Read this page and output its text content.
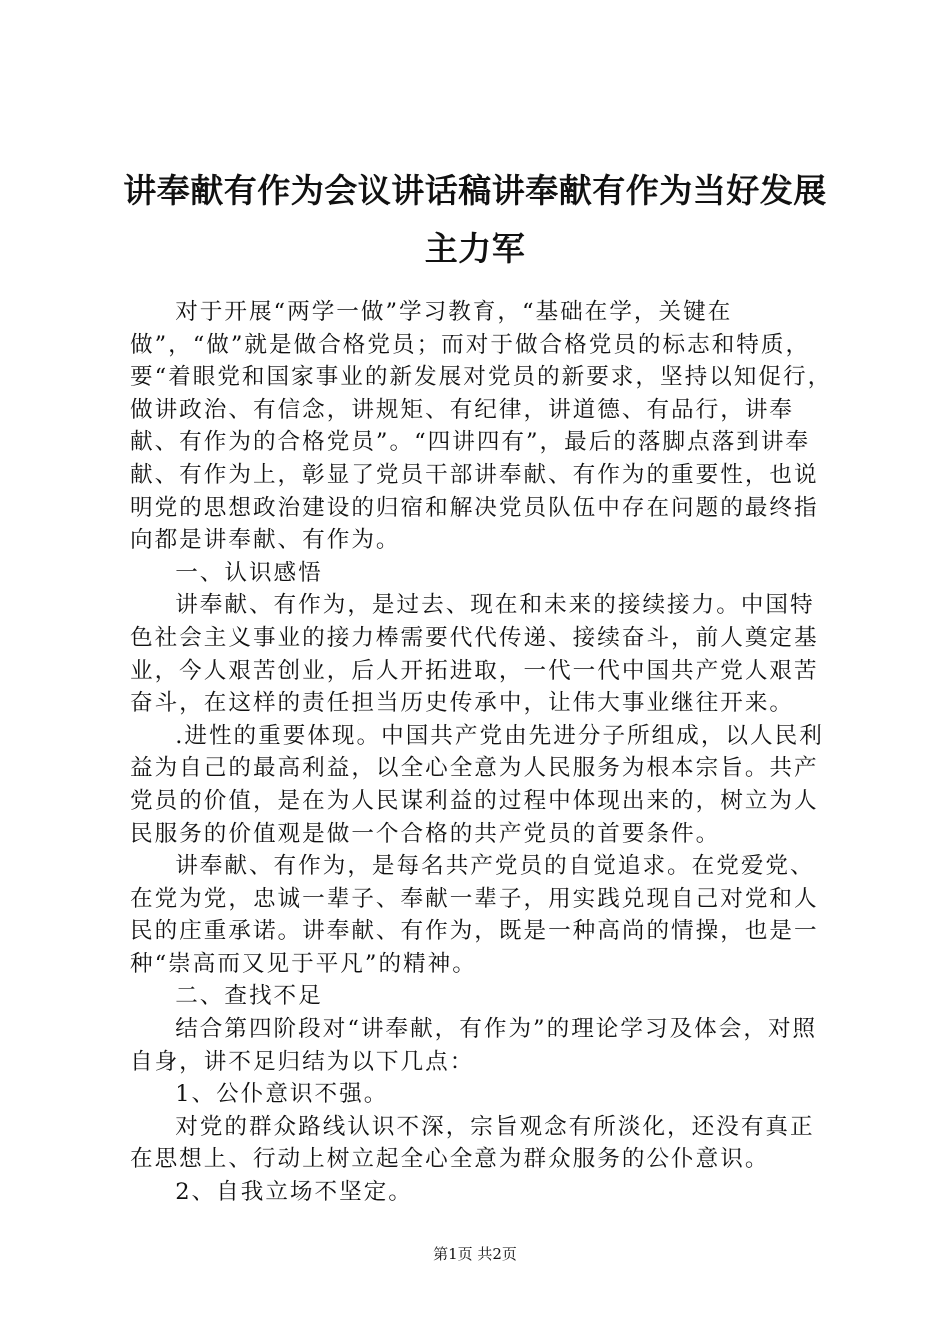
讲奉献有作为会议讲话稿讲奉献有作为当好发展主力军

对于开展“两学一做”学习教育，“基础在学，关键在做”，“做”就是做合格党员；而对于做合格党员的标志和特质，要“着眼党和国家事业的新发展对党员的新要求，坚持以知促行，做讲政治、有信念，讲规矩、有纪律，讲道德、有品行，讲奉献、有作为的合格党员”。“四讲四有”，最后的落脚点落到讲奉献、有作为上，彰显了党员干部讲奉献、有作为的重要性，也说明党的思想政治建设的归宿和解决党员队伍中存在问题的最终指向都是讲奉献、有作为。

一、认识感悟

讲奉献、有作为，是过去、现在和未来的接续接力。中国特色社会主义事业的接力棒需要代代传递、接续奋斗，前人奠定基业，今人艰苦创业，后人开拓进取，一代一代中国共产党人艰苦奋斗，在这样的责任担当历史传承中，让伟大事业继往开来。

.进性的重要体现。中国共产党由先进分子所组成，以人民利益为自己的最高利益，以全心全意为人民服务为根本宗旨。共产党员的价值，是在为人民谋利益的过程中体现出来的，树立为人民服务的价值观是做一个合格的共产党员的首要条件。

讲奉献、有作为，是每名共产党员的自觉追求。在党爱党、在党为党，忠诚一辈子、奉献一辈子，用实践兑现自己对党和人民的庄重承诺。讲奉献、有作为，既是一种高尚的情操，也是一种“崇高而又见于平凡”的精神。

二、查找不足

结合第四阶段对“讲奉献，有作为”的理论学习及体会，对照自身，讲不足归结为以下几点：

1、公仆意识不强。

对党的群众路线认识不深，宗旨观念有所淡化，还没有真正在思想上、行动上树立起全心全意为群众服务的公仆意识。

2、自我立场不坚定。

第1页 共2页
